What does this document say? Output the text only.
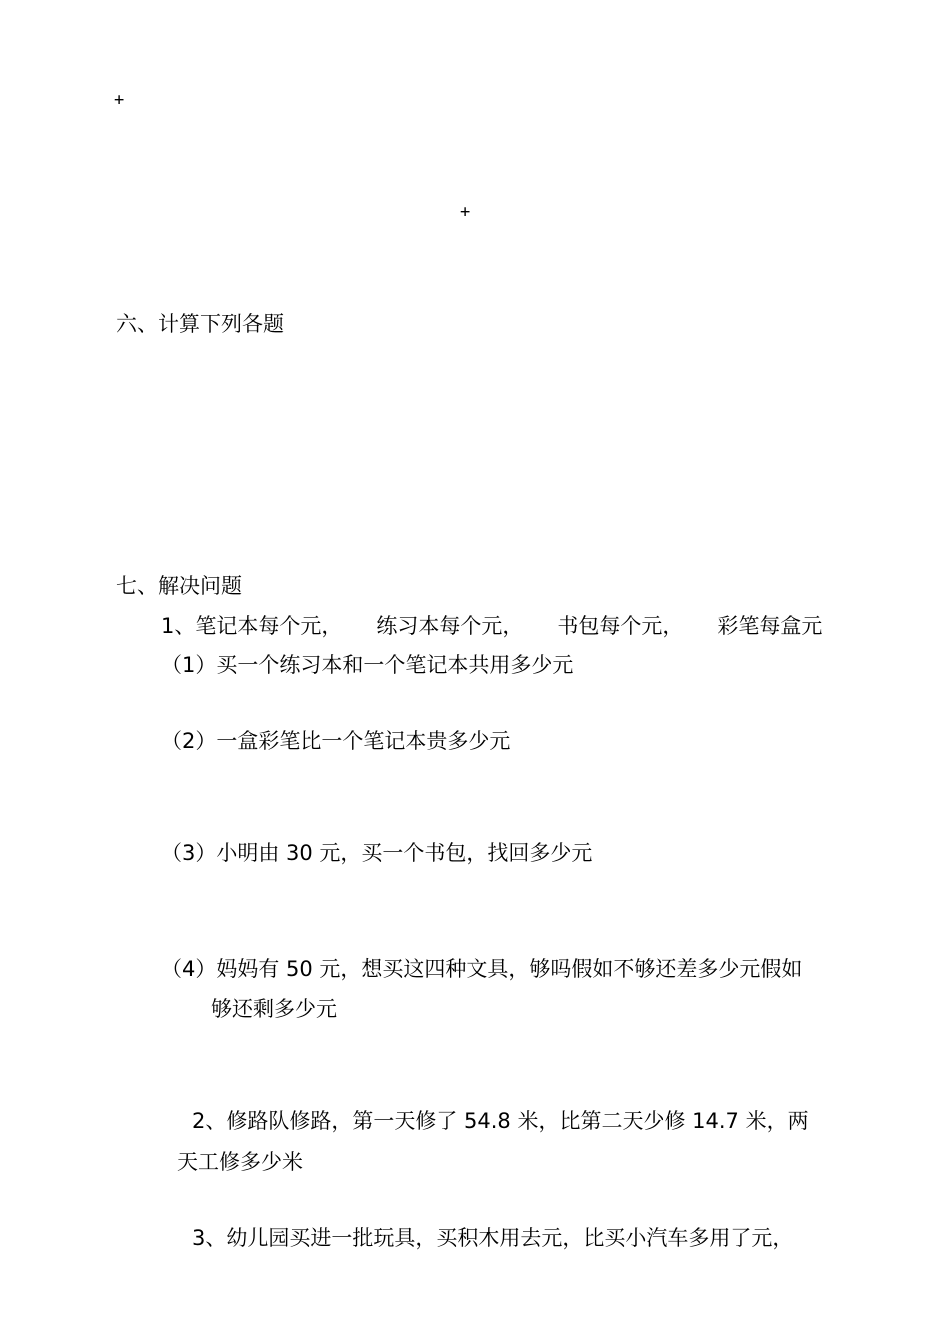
+
+
六、计算下列各题
七、解决问题
1、笔记本每个元， 练习本每个元， 书包每个元， 彩笔每盒元
（1）买一个练习本和一个笔记本共用多少元
（2）一盒彩笔比一个笔记本贵多少元
（3）小明由 30 元，买一个书包，找回多少元
（4）妈妈有 50 元，想买这四种文具，够吗假如不够还差多少元假如
够还剩多少元
2、修路队修路，第一天修了 54.8 米，比第二天少修 14.7 米，两
天工修多少米
3、幼儿园买进一批玩具，买积木用去元，比买小汽车多用了元，
